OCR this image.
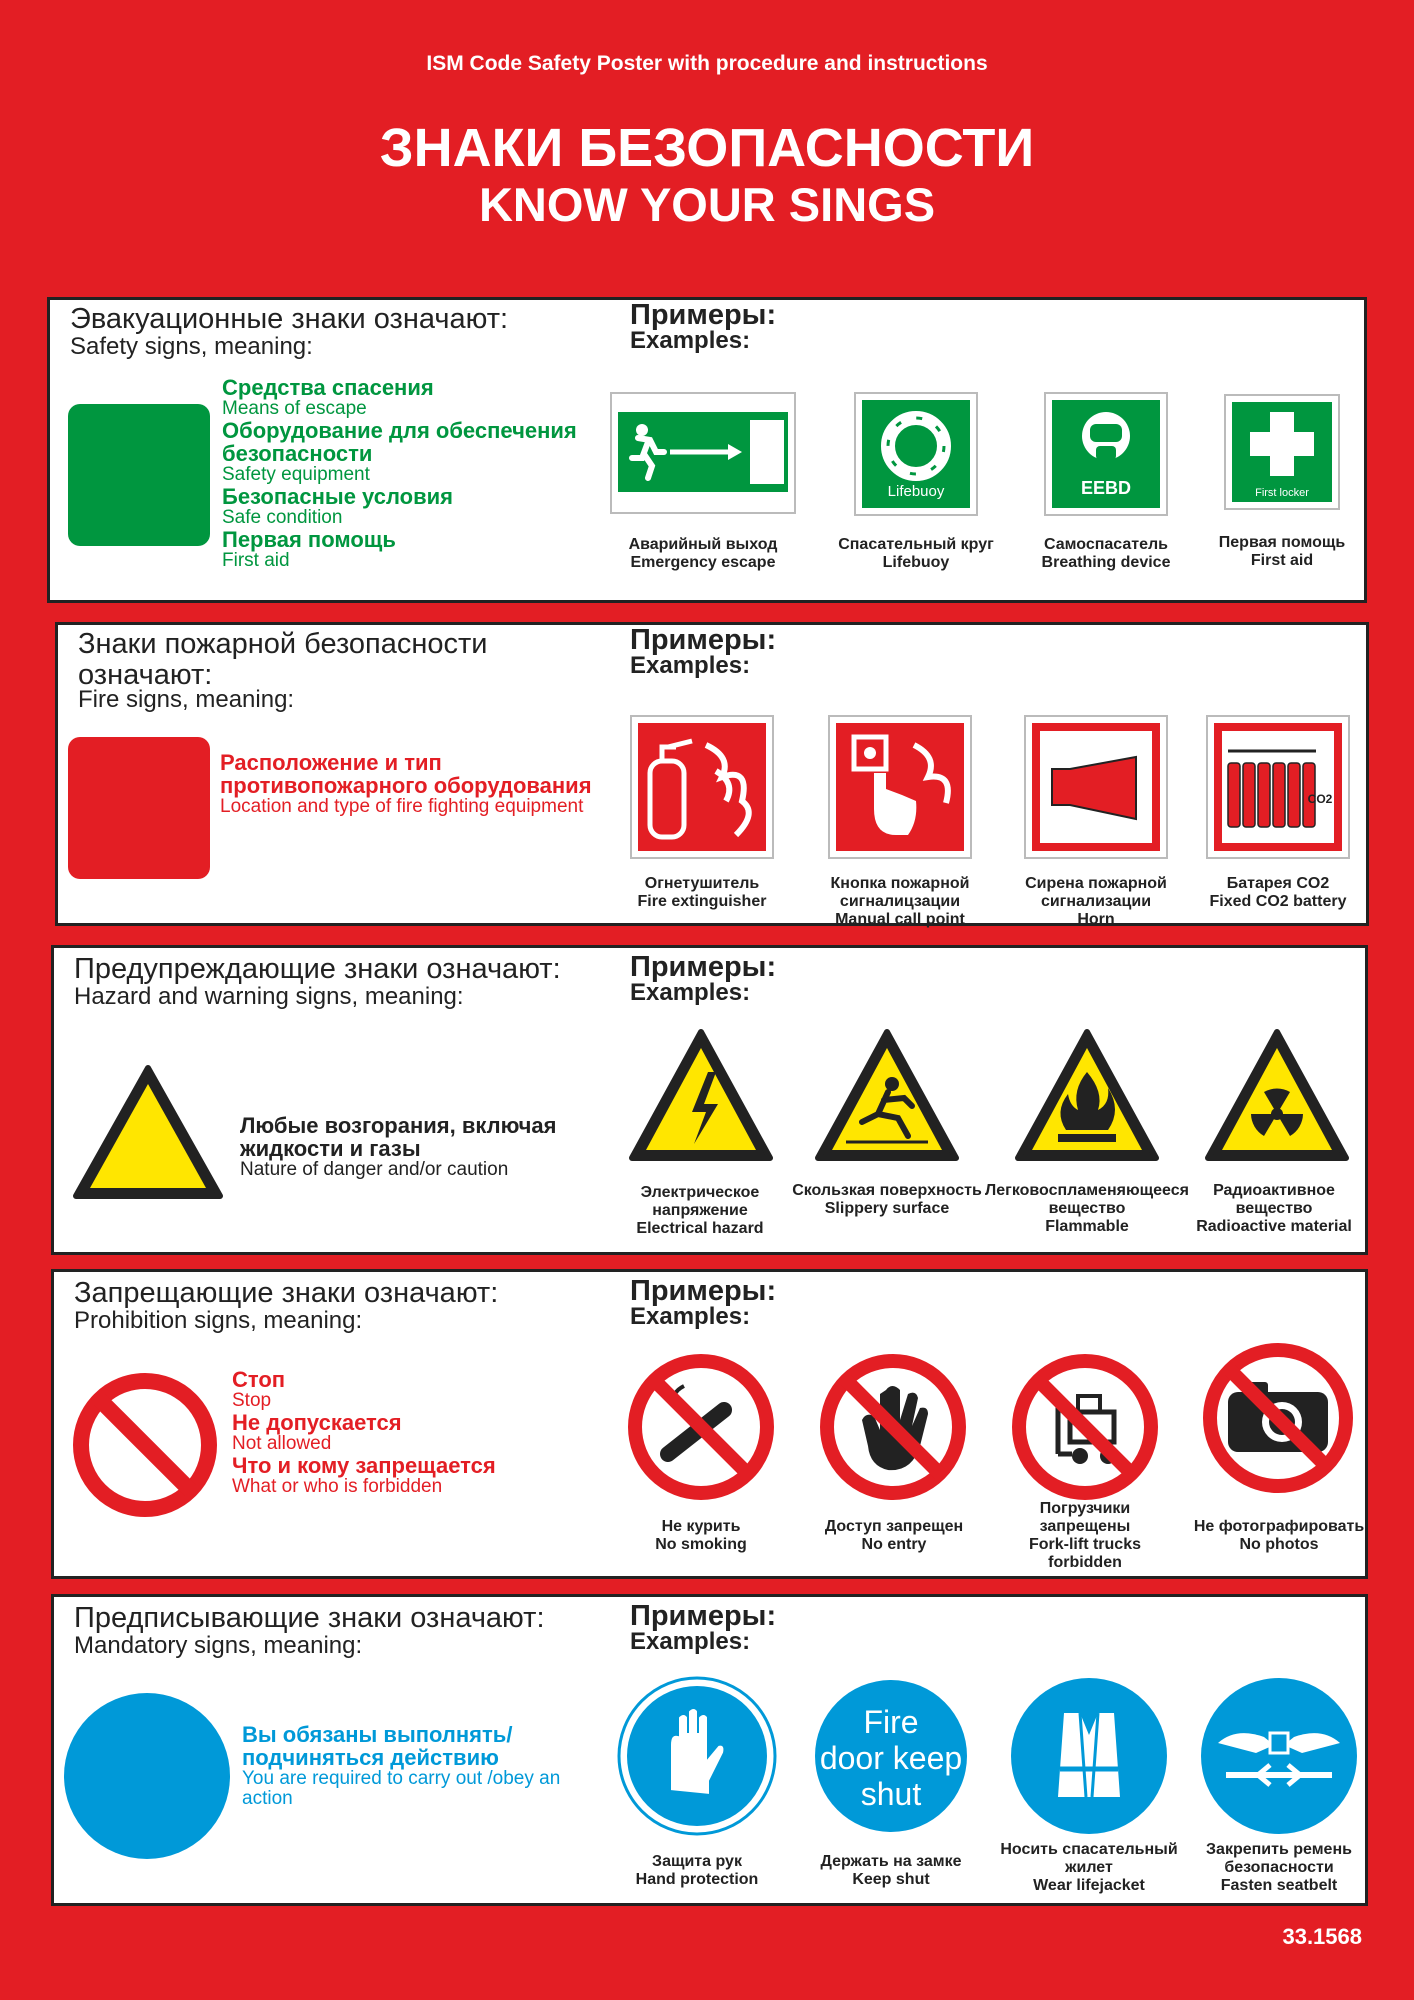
ISM Code Safety Poster with procedure and instructions
ЗНАКИ БЕЗОПАСНОСТИ
KNOW YOUR SINGS
Эвакуационные знаки означают:
Safety signs, meaning:
Примеры:
Examples:
Средства спасения
Means of escape
Оборудование для обеспечения безопасности
Safety equipment
Безопасные условия
Safe condition
Первая помощь
First aid
Lifebuoy	EEBD	First locker
Аварийный выход
Emergency escape
Спасательный круг
Lifebuoy
Самоспасатель
Breathing device
Первая помощь
First aid
Знаки пожарной безопасности означают:
Fire signs, meaning:
Примеры:
Examples:
Расположение и тип противопожарного оборудования
Location and type of fire fighting equipment	CO2
Огнетушитель
Fire extinguisher
Кнопка пожарной сигналицзации
Manual call point
Сирена пожарной сигнализации
Horn
Батарея CO2
Fixed CO2 battery
Предупреждающие знаки означают:
Hazard and warning signs, meaning:
Примеры:
Examples:
Любые возгорания, включая жидкости и газы
Nature of danger and/or caution
Электрическое напряжение
Electrical hazard
Скользкая поверхность
Slippery surface
Легковоспламеняющееся вещество
Flammable
Радиоактивное вещество
Radioactive material
Запрещающие знаки означают:
Prohibition signs, meaning:
Примеры:
Examples:
Стоп
Stop
Не допускается
Not allowed
Что и кому запрещается
What or who is forbidden
Не курить
No smoking
Доступ запрещен
No entry
Погрузчики запрещены
Fork-lift trucks forbidden
Не фотографировать
No photos
Предписывающие знаки означают:
Mandatory signs, meaning:
Примеры:
Examples:
Вы обязаны выполнять/подчиняться действию
You are required to carry out /obey an action
Fire
door keep
shut
Защита рук
Hand protection
Держать на замке
Keep shut
Носить спасательный жилет
Wear lifejacket
Закрепить ремень безопасности
Fasten seatbelt
33.1568
